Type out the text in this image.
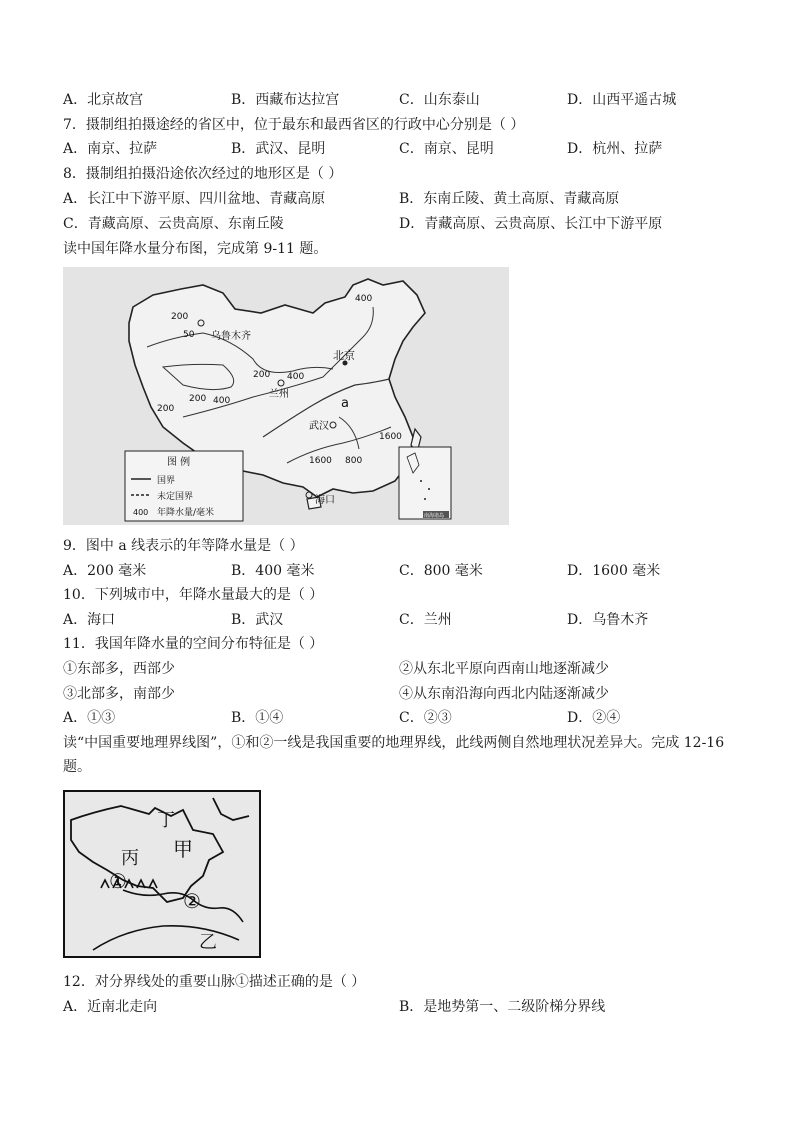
A．北京故宫	B．西藏布达拉宫	C．山东泰山	D．山西平遥古城
7．摄制组拍摄途经的省区中，位于最东和最西省区的行政中心分别是（ ）
A．南京、拉萨	B．武汉、昆明	C．南京、昆明	D．杭州、拉萨
8．摄制组拍摄沿途依次经过的地形区是（ ）
A．长江中下游平原、四川盆地、青藏高原	B．东南丘陵、黄土高原、青藏高原
C．青藏高原、云贵高原、东南丘陵	D．青藏高原、云贵高原、长江中下游平原
读中国年降水量分布图，完成第 9-11 题。
乌鲁木齐
北京
兰州
武汉
海口
200
50
200 400
400
200
200 400
1600
1600
800
a
图 例
国界
未定国界
400 年降水量/毫米	南海诸岛
9．图中 a 线表示的年等降水量是（ ）
A．200 毫米	B．400 毫米	C．800 毫米	D．1600 毫米
10．下列城市中，年降水量最大的是（ ）
A．海口	B．武汉	C．兰州	D．乌鲁木齐
11．我国年降水量的空间分布特征是（ ）
①东部多，西部少	②从东北平原向西南山地逐渐减少
③北部多，南部少	④从东南沿海向西北内陆逐渐减少
A．①③	B．①④	C．②③	D．②④
读“中国重要地理界线图”，①和②一线是我国重要的地理界线，此线两侧自然地理状况差异大。完成 12-16 题。
丁
丙 甲
①
②
乙
12．对分界线处的重要山脉①描述正确的是（ ）
A．近南北走向	B．是地势第一、二级阶梯分界线
